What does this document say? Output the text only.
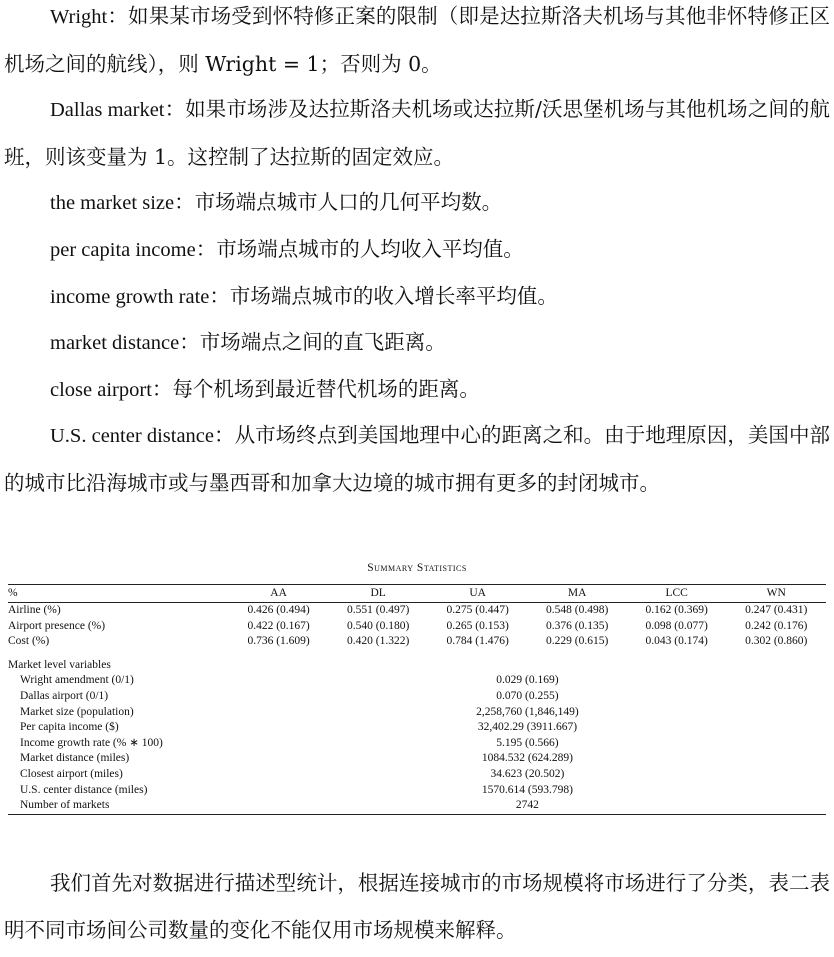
Wright：如果某市场受到怀特修正案的限制（即是达拉斯洛夫机场与其他非怀特修正区机场之间的航线），则 Wright = 1；否则为 0。

Dallas market：如果市场涉及达拉斯洛夫机场或达拉斯/沃思堡机场与其他机场之间的航班，则该变量为 1。这控制了达拉斯的固定效应。

the market size：市场端点城市人口的几何平均数。

per capita income：市场端点城市的人均收入平均值。

income growth rate：市场端点城市的收入增长率平均值。

market distance：市场端点之间的直飞距离。

close airport：每个机场到最近替代机场的距离。

U.S. center distance：从市场终点到美国地理中心的距离之和。由于地理原因，美国中部的城市比沿海城市或与墨西哥和加拿大边境的城市拥有更多的封闭城市。

Summary Statistics
%	AA	DL	UA	MA	LCC	WN
Airline (%)	0.426 (0.494)	0.551 (0.497)	0.275 (0.447)	0.548 (0.498)	0.162 (0.369)	0.247 (0.431)
Airport presence (%)	0.422 (0.167)	0.540 (0.180)	0.265 (0.153)	0.376 (0.135)	0.098 (0.077)	0.242 (0.176)
Cost (%)	0.736 (1.609)	0.420 (1.322)	0.784 (1.476)	0.229 (0.615)	0.043 (0.174)	0.302 (0.860)

Market level variables						
Wright amendment (0/1)	0.029 (0.169)					
Dallas airport (0/1)	0.070 (0.255)					
Market size (population)	2,258,760 (1,846,149)					
Per capita income ($)	32,402.29 (3911.667)					
Income growth rate (% ∗ 100)	5.195 (0.566)					
Market distance (miles)	1084.532 (624.289)					
Closest airport (miles)	34.623 (20.502)					
U.S. center distance (miles)	1570.614 (593.798)					
Number of markets	2742					

我们首先对数据进行描述型统计，根据连接城市的市场规模将市场进行了分类，表二表明不同市场间公司数量的变化不能仅用市场规模来解释。
